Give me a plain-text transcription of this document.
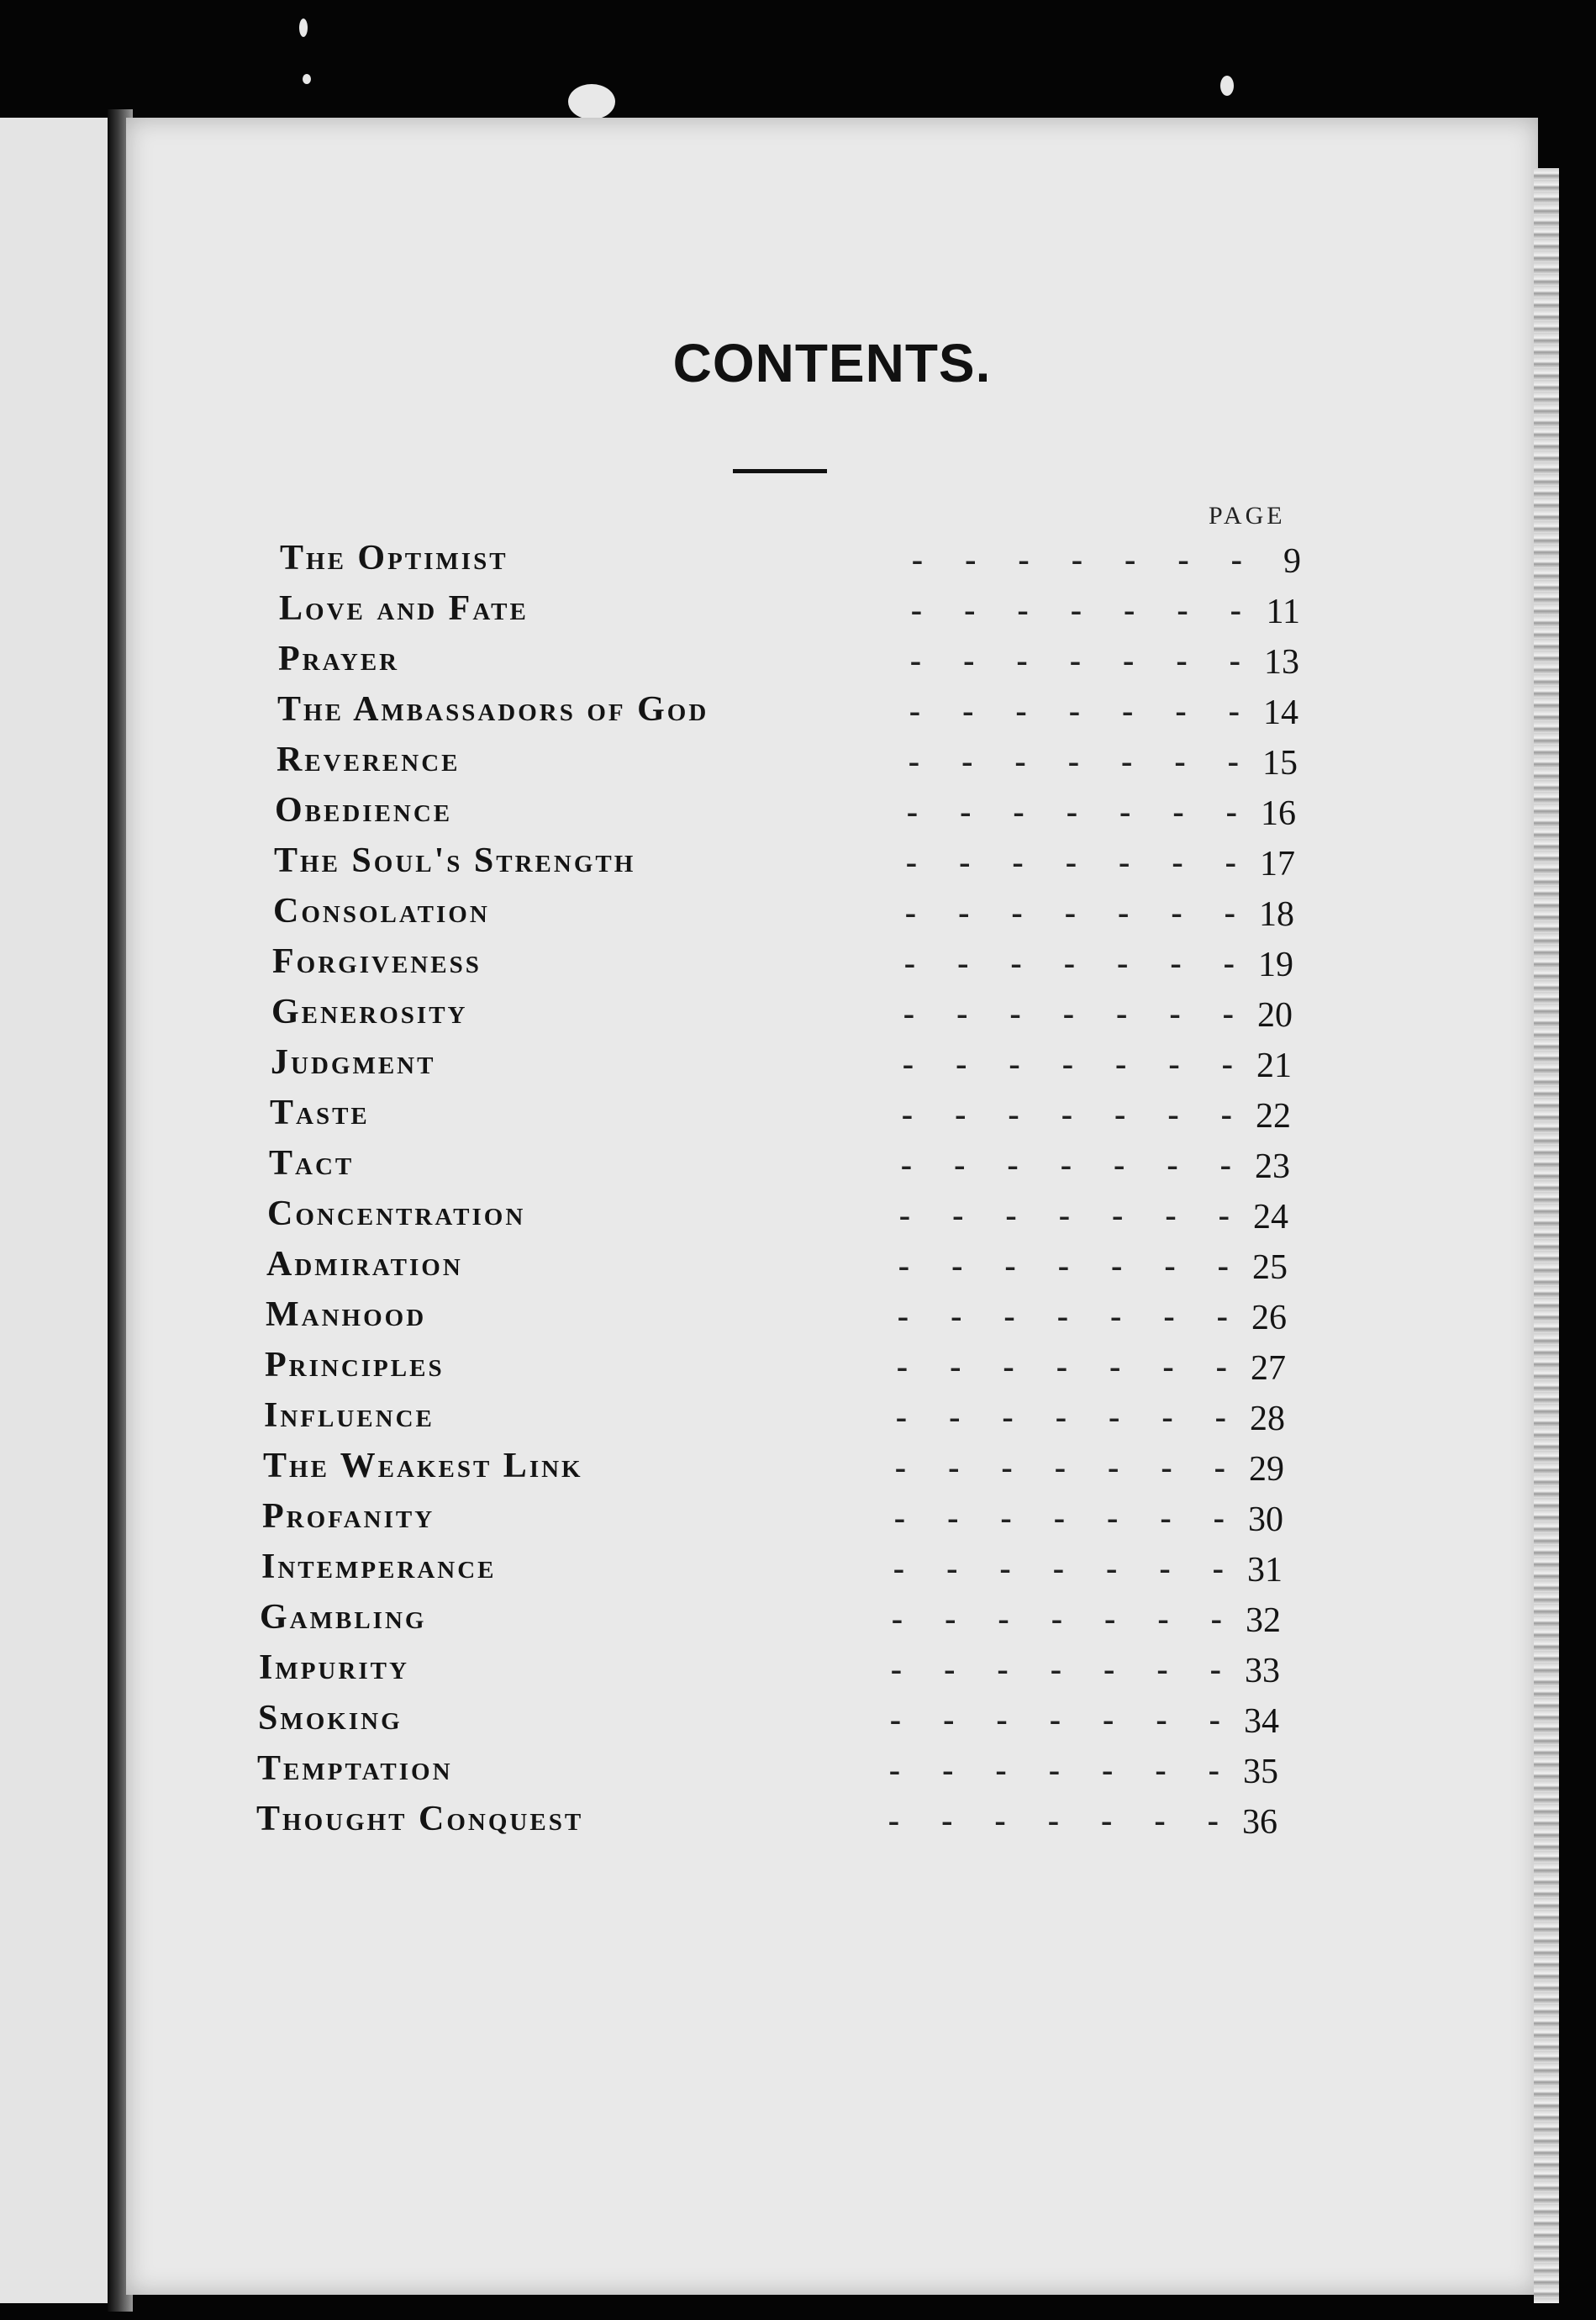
CONTENTS.
PAGE
-     -     -     -     -     -     -
The Optimist	9
-     -     -     -     -     -     -
Love and Fate	11
-     -     -     -     -     -     -
Prayer	13
-     -     -     -     -     -     -
The Ambassadors of God	14
-     -     -     -     -     -     -
Reverence	15
-     -     -     -     -     -     -
Obedience	16
-     -     -     -     -     -     -
The Soul's Strength	17
-     -     -     -     -     -     -
Consolation	18
-     -     -     -     -     -     -
Forgiveness	19
-     -     -     -     -     -     -
Generosity	20
-     -     -     -     -     -     -
Judgment	21
-     -     -     -     -     -     -
Taste	22
-     -     -     -     -     -     -
Tact	23
-     -     -     -     -     -     -
Concentration	24
-     -     -     -     -     -     -
Admiration	25
-     -     -     -     -     -     -
Manhood	26
-     -     -     -     -     -     -
Principles	27
-     -     -     -     -     -     -
Influence	28
-     -     -     -     -     -     -
The Weakest Link	29
-     -     -     -     -     -     -
Profanity	30
-     -     -     -     -     -     -
Intemperance	31
-     -     -     -     -     -     -
Gambling	32
-     -     -     -     -     -     -
Impurity	33
-     -     -     -     -     -     -
Smoking	34
-     -     -     -     -     -     -
Temptation	35
-     -     -     -     -     -     -
Thought Conquest	36
